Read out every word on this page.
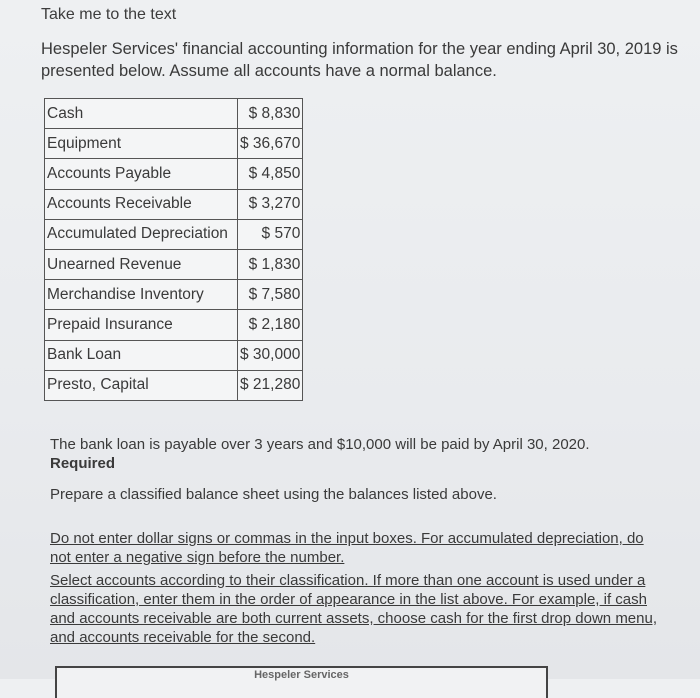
Take me to the text
Hespeler Services' financial accounting information for the year ending April 30, 2019 is presented below. Assume all accounts have a normal balance.
Cash	$ 8,830
Equipment	$ 36,670
Accounts Payable	$ 4,850
Accounts Receivable	$ 3,270
Accumulated Depreciation	$ 570
Unearned Revenue	$ 1,830
Merchandise Inventory	$ 7,580
Prepaid Insurance	$ 2,180
Bank Loan	$ 30,000
Presto, Capital	$ 21,280
The bank loan is payable over 3 years and $10,000 will be paid by April 30, 2020.
Required
Prepare a classified balance sheet using the balances listed above.
Do not enter dollar signs or commas in the input boxes. For accumulated depreciation, do not enter a negative sign before the number.
Select accounts according to their classification. If more than one account is used under a classification, enter them in the order of appearance in the list above. For example, if cash and accounts receivable are both current assets, choose cash for the first drop down menu, and accounts receivable for the second.
Hespeler Services
